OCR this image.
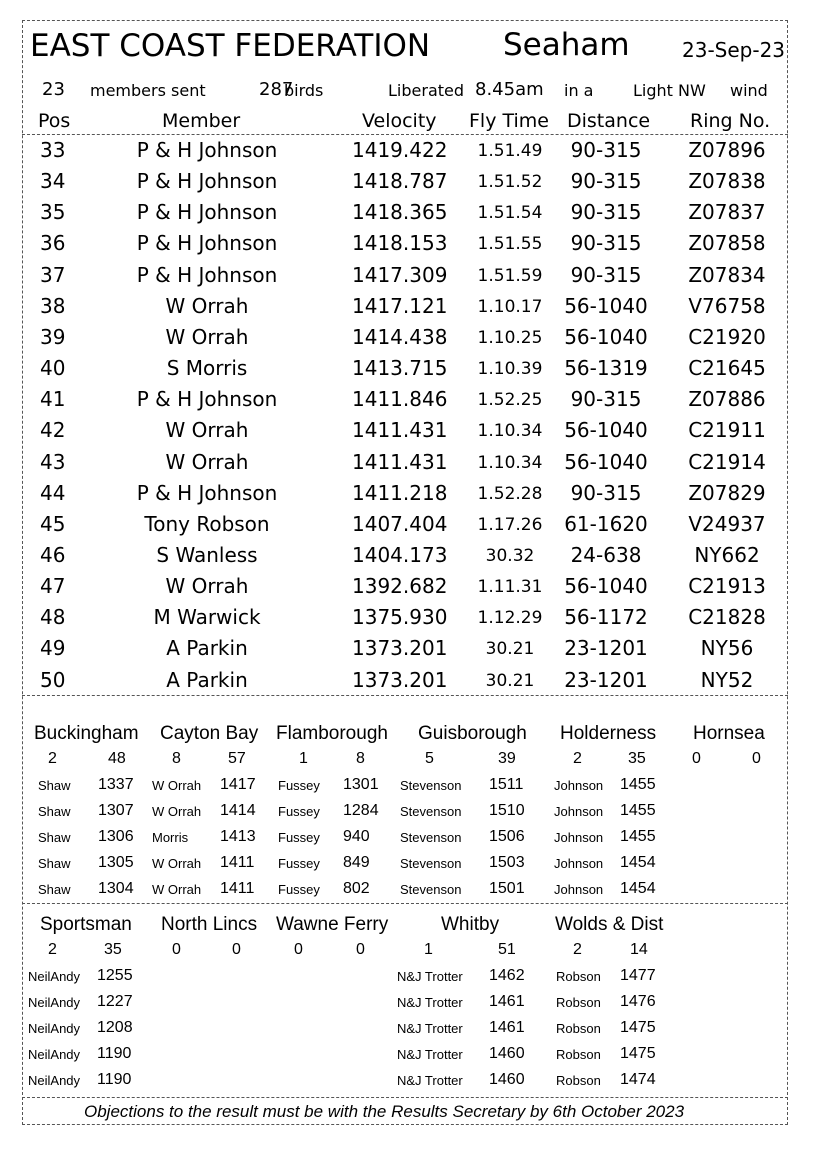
EAST COAST FEDERATION Seaham	23-Sep-23
23 members sent	287
birds	Liberated 8.45am in a Light NW wind
Pos	Member	Velocity Fly Time Distance Ring No.
33	P & H Johnson	1419.422	1.51.49	90-315	Z07896
34	P & H Johnson	1418.787	1.51.52	90-315	Z07838
35	P & H Johnson	1418.365	1.51.54	90-315	Z07837
36	P & H Johnson	1418.153	1.51.55	90-315	Z07858
37	P & H Johnson	1417.309	1.51.59	90-315	Z07834
38	W Orrah	1417.121	1.10.17	56-1040	V76758
39	W Orrah	1414.438	1.10.25	56-1040	C21920
40	S Morris	1413.715	1.10.39	56-1319	C21645
41	P & H Johnson	1411.846	1.52.25	90-315	Z07886
42	W Orrah	1411.431	1.10.34	56-1040	C21911
43	W Orrah	1411.431	1.10.34	56-1040	C21914
44	P & H Johnson	1411.218	1.52.28	90-315	Z07829
45	Tony Robson	1407.404	1.17.26	61-1620	V24937
46	S Wanless	1404.173	30.32	24-638	NY662
47	W Orrah	1392.682	1.11.31	56-1040	C21913
48	M Warwick	1375.930	1.12.29	56-1172	C21828
49	A Parkin	1373.201	30.21	23-1201	NY56
50	A Parkin	1373.201	30.21	23-1201	NY52
Buckingham
2	48
Shaw 1337
Shaw 1307
Shaw 1306
Shaw 1305
Shaw 1304
Cayton Bay
8	57
W Orrah 1417
W Orrah 1414
Morris 1413
W Orrah 1411
W Orrah 1411
Flamborough
1	8
Fussey 1301
Fussey 1284
Fussey 940
Fussey 849
Fussey 802
Guisborough
5	39
Stevenson 1511
Stevenson 1510
Stevenson 1506
Stevenson 1503
Stevenson 1501
Holderness
2	35
Johnson 1455
Johnson 1455
Johnson 1455
Johnson 1454
Johnson 1454
Hornsea
0	0
Sportsman
2	35
NeilAndy 1255
NeilAndy 1227
NeilAndy 1208
NeilAndy 1190
NeilAndy 1190
North Lincs
0	0
Wawne Ferry
0	0
Whitby
1	51
N&J Trotter 1462
N&J Trotter 1461
N&J Trotter 1461
N&J Trotter 1460
N&J Trotter 1460
Wolds & Dist
2	14
Robson 1477
Robson 1476
Robson 1475
Robson 1475
Robson 1474
Objections to the result must be with the Results Secretary by 6th October 2023
